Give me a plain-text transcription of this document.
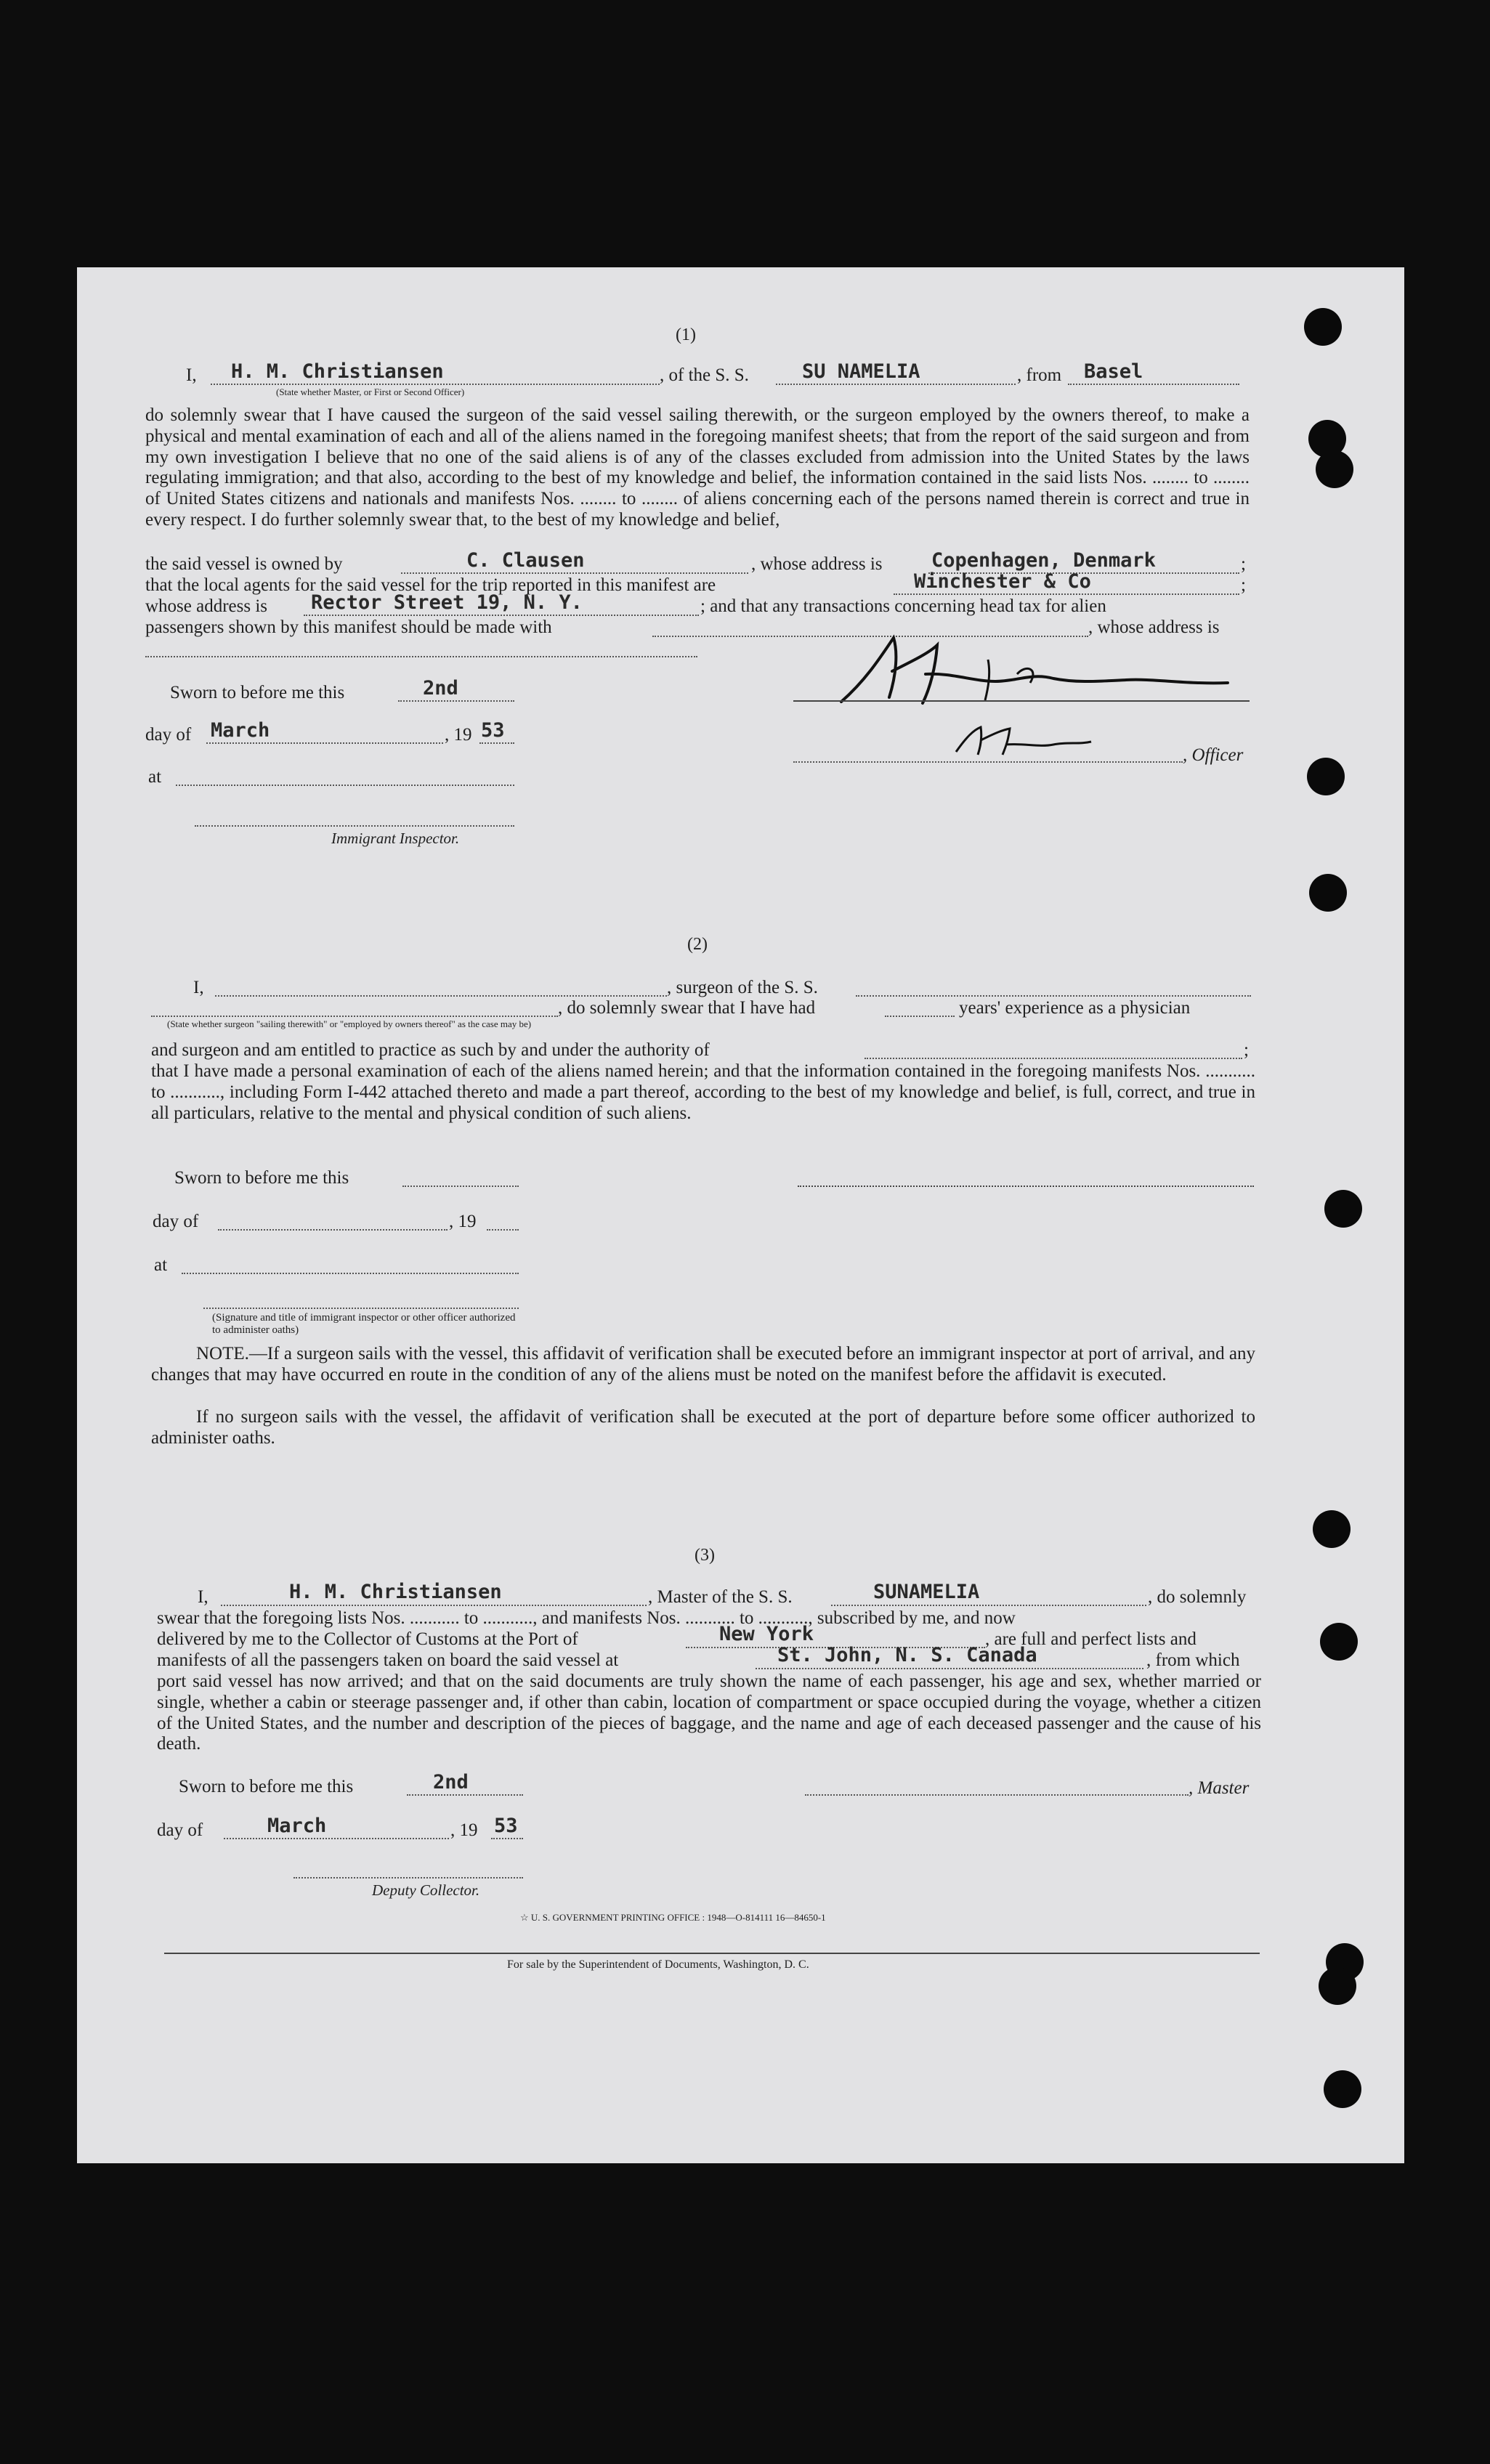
(1)
I, H. M. Christiansen	, of the S. S.	SU NAMELIA	, from Basel
(State whether Master, or First or Second Officer)
do solemnly swear that I have caused the surgeon of the said vessel sailing therewith, or the surgeon employed by the owners thereof, to make a physical and mental examination of each and all of the aliens named in the foregoing manifest sheets; that from the report of the said surgeon and from my own investigation I believe that no one of the said aliens is of any of the classes excluded from admission into the United States by the laws regulating immigration; and that also, according to the best of my knowledge and belief, the information contained in the said lists Nos. ........ to ........ of United States citizens and nationals and manifests Nos. ........ to ........ of aliens concerning each of the persons named therein is correct and true in every respect. I do further solemnly swear that, to the best of my knowledge and belief,
the said vessel is owned by	C. Clausen	, whose address is Copenhagen, Denmark	;
that the local agents for the said vessel for the trip reported in this manifest are	Winchester & Co	;
whose address is Rector Street 19, N. Y.	; and that any transactions concerning head tax for alien
passengers shown by this manifest should be made with	, whose address is
Sworn to before me this	2nd
day of March	, 19 53
at
Immigrant Inspector.
, Officer
(2)
I,	, surgeon of the S. S.
, do solemnly swear that I have had	years' experience as a physician
(State whether surgeon "sailing therewith" or "employed by owners thereof" as the case may be)
and surgeon and am entitled to practice as such by and under the authority of	;
that I have made a personal examination of each of the aliens named herein; and that the information contained in the foregoing manifests Nos. ........... to ..........., including Form I-442 attached thereto and made a part thereof, according to the best of my knowledge and belief, is full, correct, and true in all particulars, relative to the mental and physical condition of such aliens.
Sworn to before me this
day of	, 19
at
(Signature and title of immigrant inspector or other officer authorized to administer oaths)
NOTE.—If a surgeon sails with the vessel, this affidavit of verification shall be executed before an immigrant inspector at port of arrival, and any changes that may have occurred en route in the condition of any of the aliens must be noted on the manifest before the affidavit is executed.
If no surgeon sails with the vessel, the affidavit of verification shall be executed at the port of departure before some officer authorized to administer oaths.
(3)
I,	H. M. Christiansen	, Master of the S. S.	SUNAMELIA	, do solemnly
swear that the foregoing lists Nos. ........... to ..........., and manifests Nos. ........... to ..........., subscribed by me, and now
delivered by me to the Collector of Customs at the Port of	New York	, are full and perfect lists and
manifests of all the passengers taken on board the said vessel at	St. John, N. S. Canada	, from which
port said vessel has now arrived; and that on the said documents are truly shown the name of each passenger, his age and sex, whether married or single, whether a cabin or steerage passenger and, if other than cabin, location of compartment or space occupied during the voyage, whether a citizen of the United States, and the number and description of the pieces of baggage, and the name and age of each deceased passenger and the cause of his death.
Sworn to before me this	2nd	, Master
day of	March	, 19 53
Deputy Collector.
☆ U. S. GOVERNMENT PRINTING OFFICE : 1948—O-814111 16—84650-1
For sale by the Superintendent of Documents, Washington, D. C.
